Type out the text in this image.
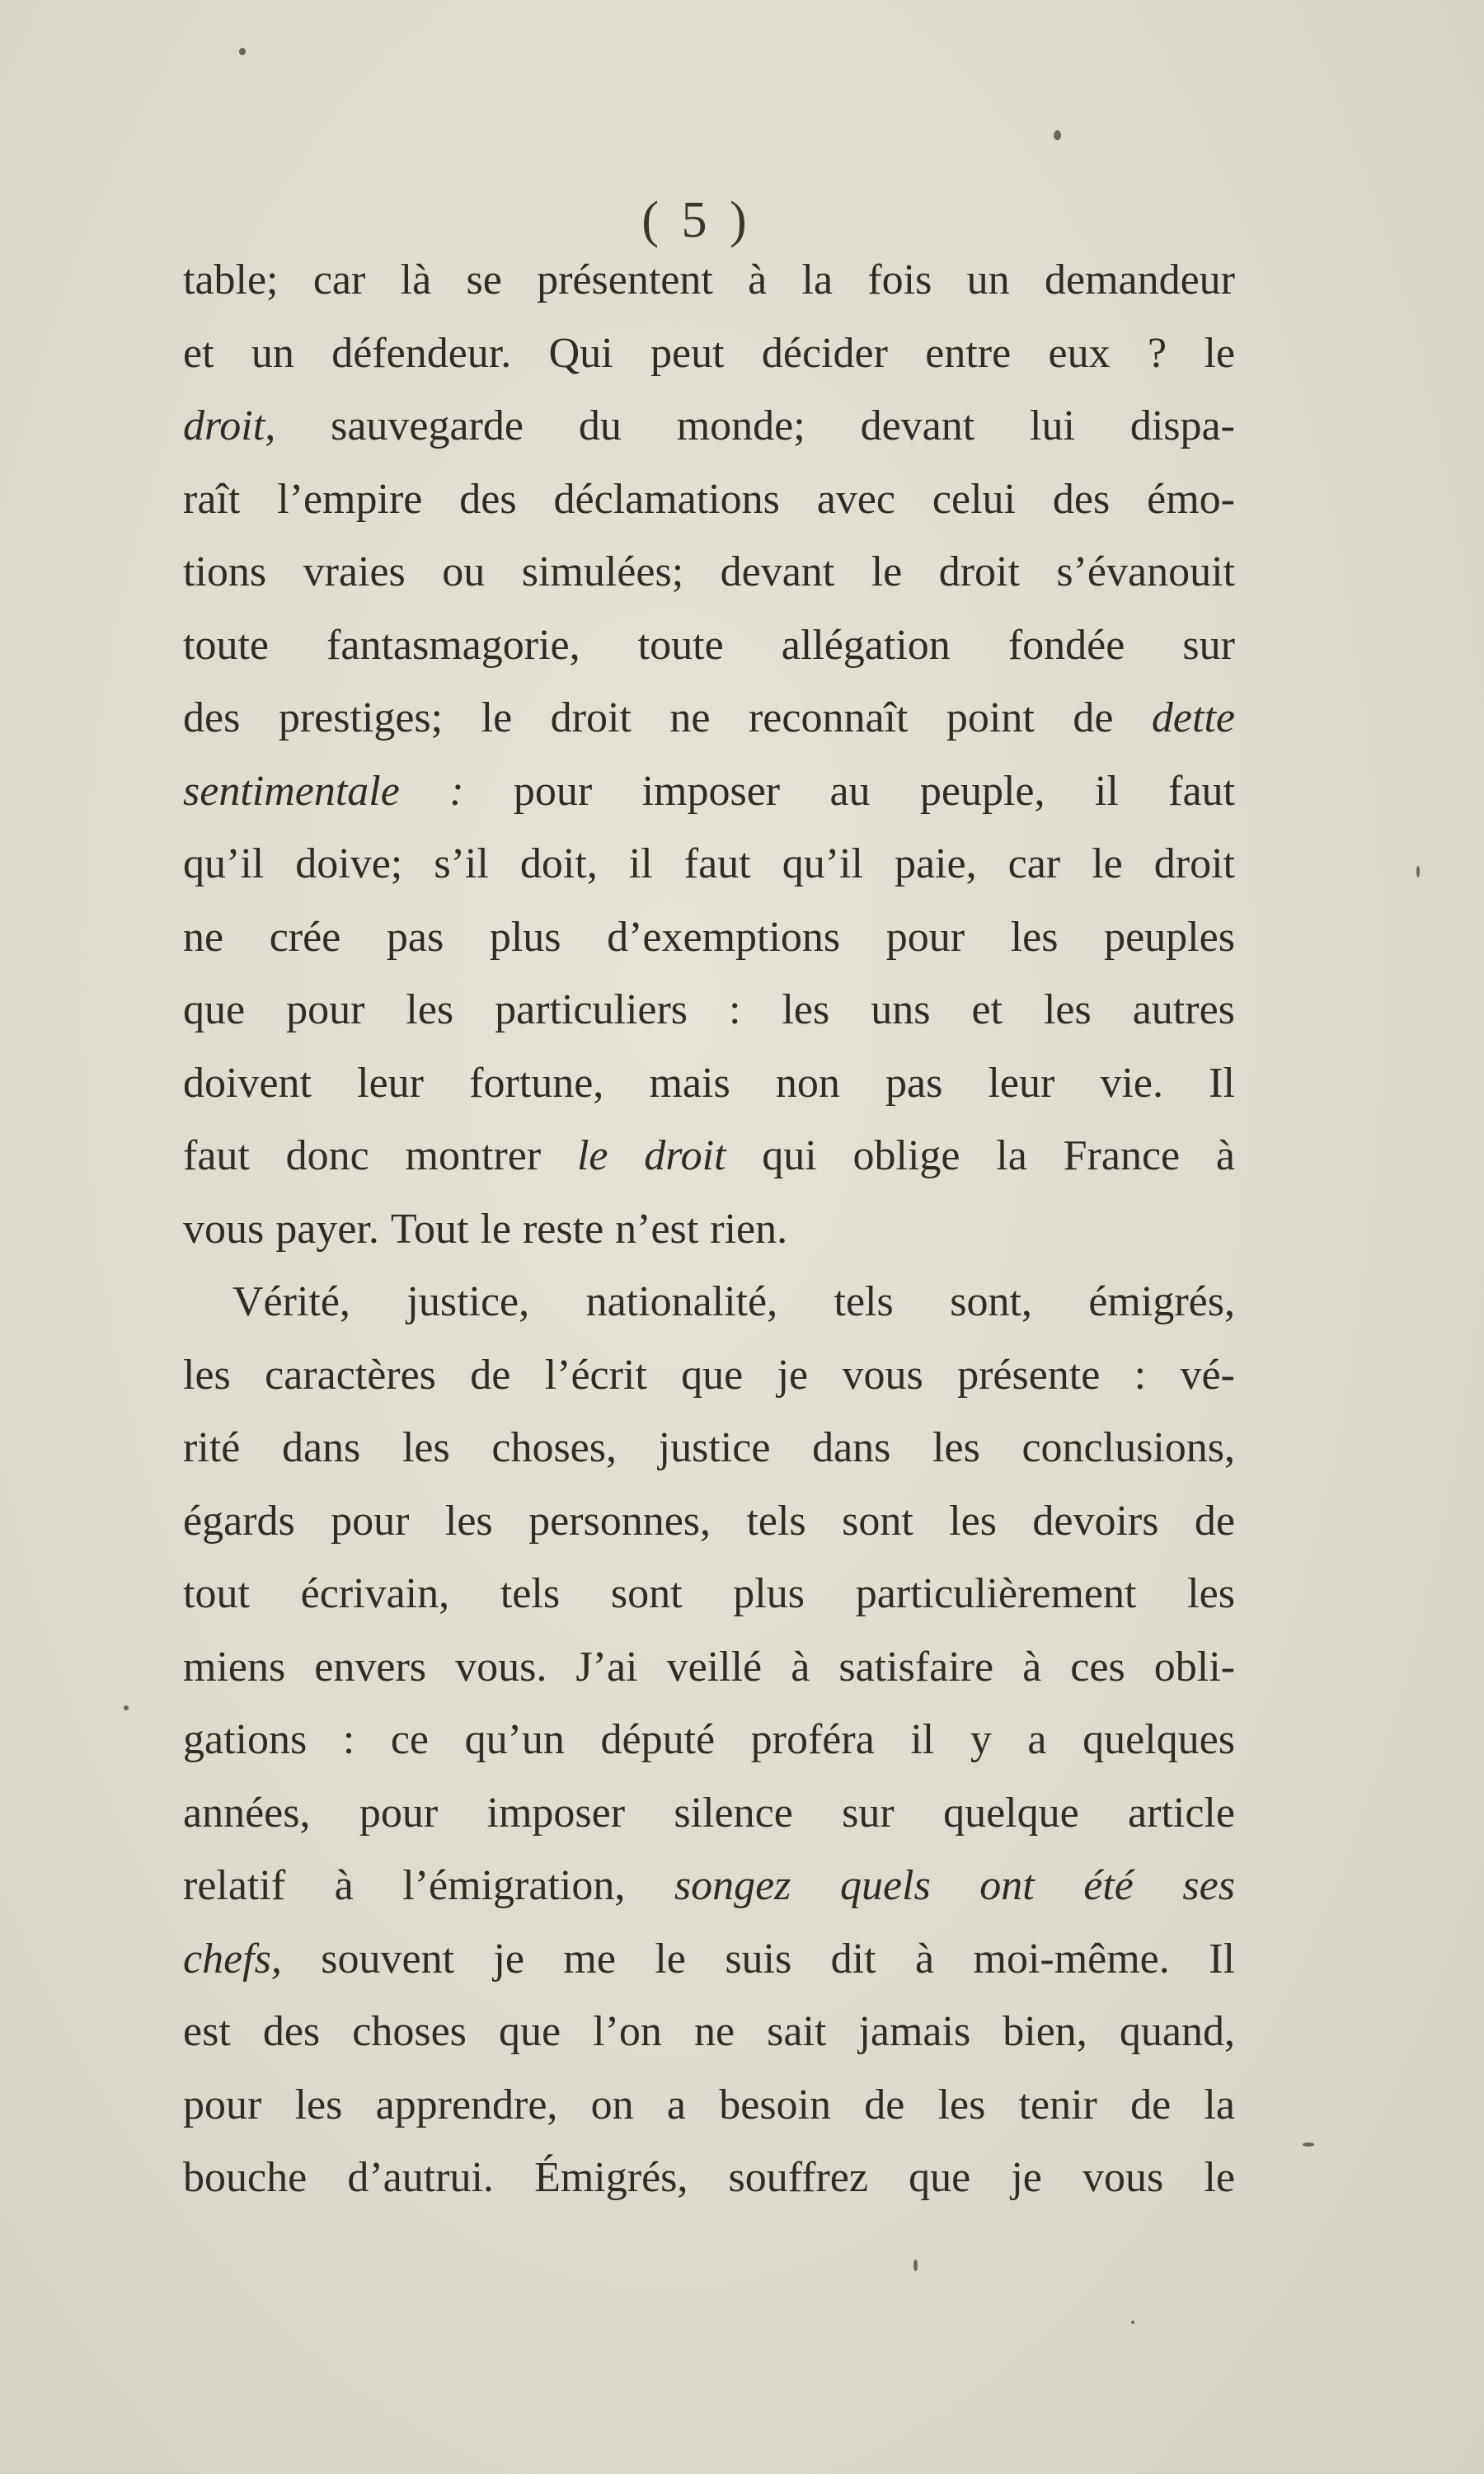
( 5 )
table; car là se présentent à la fois un demandeur
et un défendeur. Qui peut décider entre eux ? le
droit, sauvegarde du monde; devant lui dispa-
raît l’empire des déclamations avec celui des émo-
tions vraies ou simulées; devant le droit s’évanouit
toute fantasmagorie, toute allégation fondée sur
des prestiges; le droit ne reconnaît point de dette
sentimentale : pour imposer au peuple, il faut
qu’il doive; s’il doit, il faut qu’il paie, car le droit
ne crée pas plus d’exemptions pour les peuples
que pour les particuliers : les uns et les autres
doivent leur fortune, mais non pas leur vie. Il
faut donc montrer le droit qui oblige la France à
vous payer. Tout le reste n’est rien.
Vérité, justice, nationalité, tels sont, émigrés,
les caractères de l’écrit que je vous présente : vé-
rité dans les choses, justice dans les conclusions,
égards pour les personnes, tels sont les devoirs de
tout écrivain, tels sont plus particulièrement les
miens envers vous. J’ai veillé à satisfaire à ces obli-
gations : ce qu’un député proféra il y a quelques
années, pour imposer silence sur quelque article
relatif à l’émigration, songez quels ont été ses
chefs, souvent je me le suis dit à moi-même. Il
est des choses que l’on ne sait jamais bien, quand,
pour les apprendre, on a besoin de les tenir de la
bouche d’autrui. Émigrés, souffrez que je vous le
